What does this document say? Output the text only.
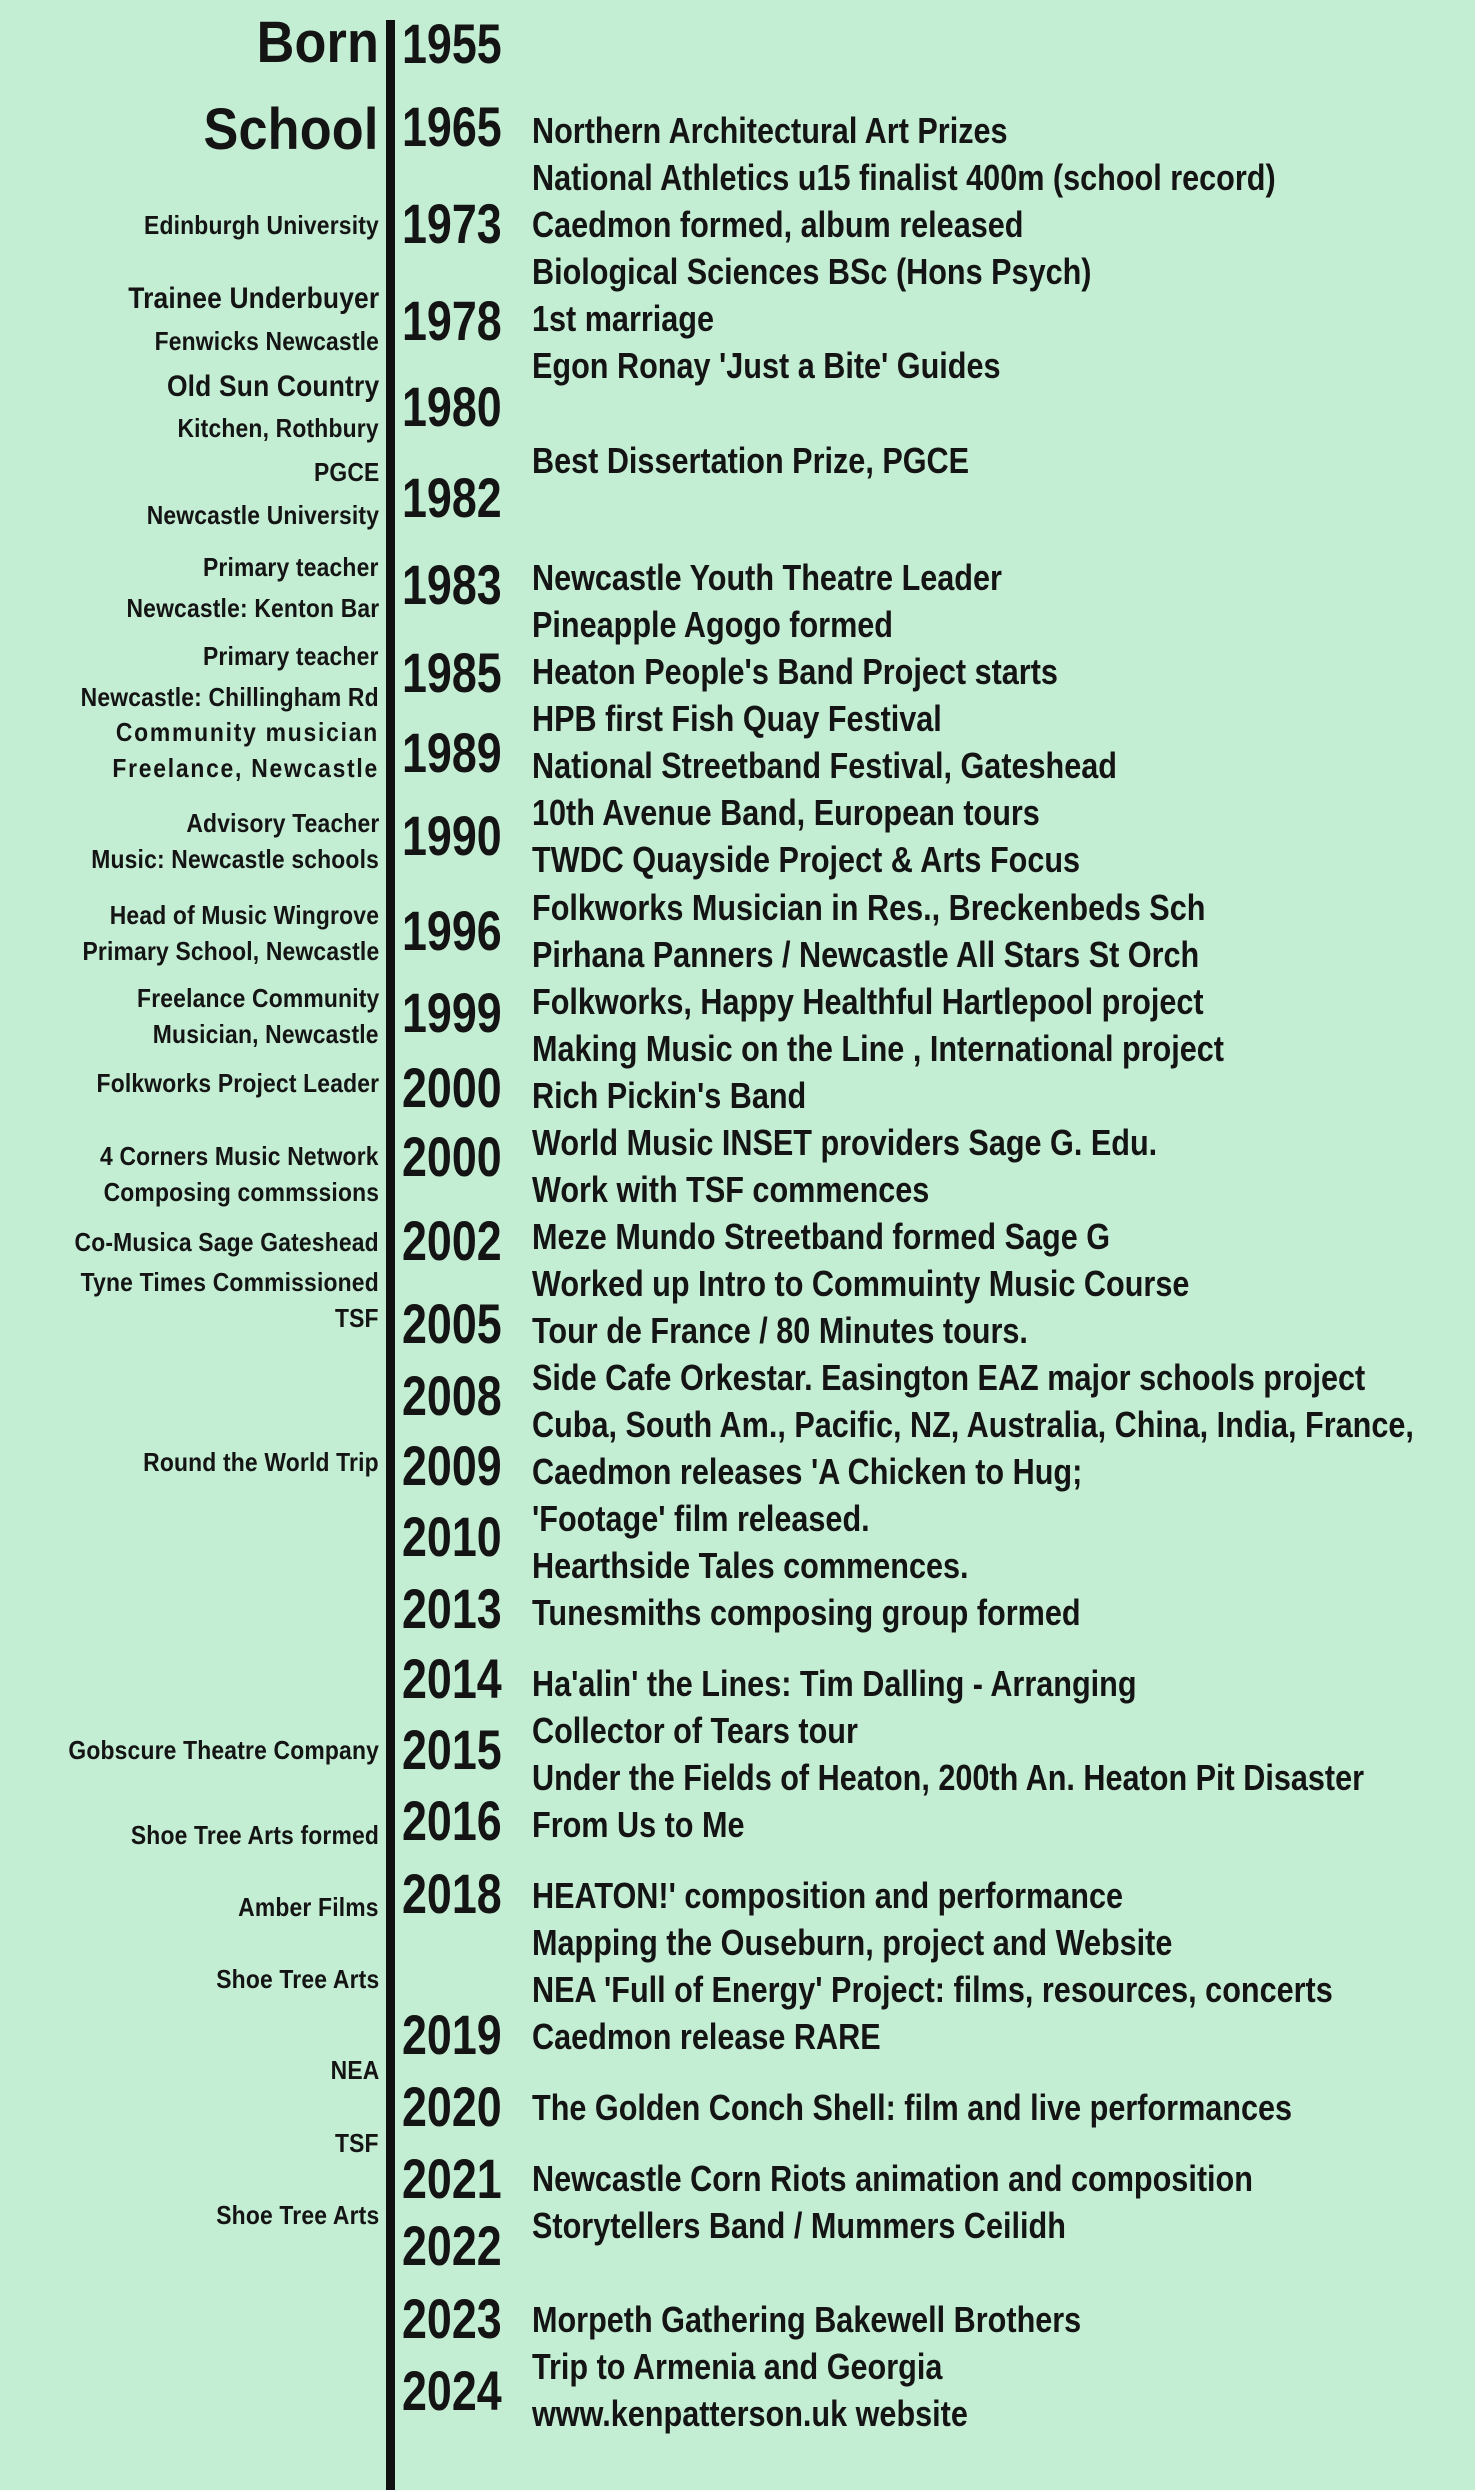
Born
School
Edinburgh University
Trainee Underbuyer
Fenwicks Newcastle
Old Sun Country
Kitchen, Rothbury
PGCE
Newcastle University
Primary teacher
Newcastle: Kenton Bar
Primary teacher
Newcastle: Chillingham Rd
Community musician
Freelance, Newcastle
Advisory Teacher
Music: Newcastle schools
Head of Music Wingrove
Primary School, Newcastle
Freelance Community
Musician, Newcastle
Folkworks Project Leader
4 Corners Music Network
Composing commssions
Co-Musica Sage Gateshead
Tyne Times Commissioned
TSF
Round the World Trip
Gobscure Theatre Company
Shoe Tree Arts formed
Amber Films
Shoe Tree Arts
NEA
TSF
Shoe Tree Arts
1955
1965
1973
1978
1980
1982
1983
1985
1989
1990
1996
1999
2000
2000
2002
2005
2008
2009
2010
2013
2014
2015
2016
2018
2019
2020
2021
2022
2023
2024
Northern Architectural Art Prizes
National Athletics u15 finalist 400m (school record)
Caedmon formed, album released
Biological Sciences BSc (Hons Psych)
1st marriage
Egon Ronay 'Just a Bite' Guides
Best Dissertation Prize, PGCE
Newcastle Youth Theatre Leader
Pineapple Agogo formed
Heaton People's Band Project starts
HPB first Fish Quay Festival
National Streetband Festival, Gateshead
10th Avenue Band, European tours
TWDC Quayside Project & Arts Focus
Folkworks Musician in Res., Breckenbeds Sch
Pirhana Panners / Newcastle All Stars St Orch
Folkworks, Happy Healthful Hartlepool project
Making Music on the Line , International project
Rich Pickin's Band
World Music INSET providers Sage G. Edu.
Work with TSF commences
Meze Mundo Streetband formed Sage G
Worked up Intro to Commuinty Music Course
Tour de France / 80 Minutes tours.
Side Cafe Orkestar. Easington EAZ major schools project
Cuba, South Am., Pacific, NZ, Australia, China, India, France,
Caedmon releases 'A Chicken to Hug;
'Footage' film released.
Hearthside Tales commences.
Tunesmiths composing group formed
Ha'alin' the Lines: Tim Dalling - Arranging
Collector of Tears tour
Under the Fields of Heaton, 200th An. Heaton Pit Disaster
From Us to Me
HEATON!' composition and performance
Mapping the Ouseburn, project and Website
NEA 'Full of Energy' Project: films, resources, concerts
Caedmon release RARE
The Golden Conch Shell: film and live performances
Newcastle Corn Riots animation and composition
Storytellers Band / Mummers Ceilidh
Morpeth Gathering Bakewell Brothers
Trip to Armenia and Georgia
www.kenpatterson.uk website
